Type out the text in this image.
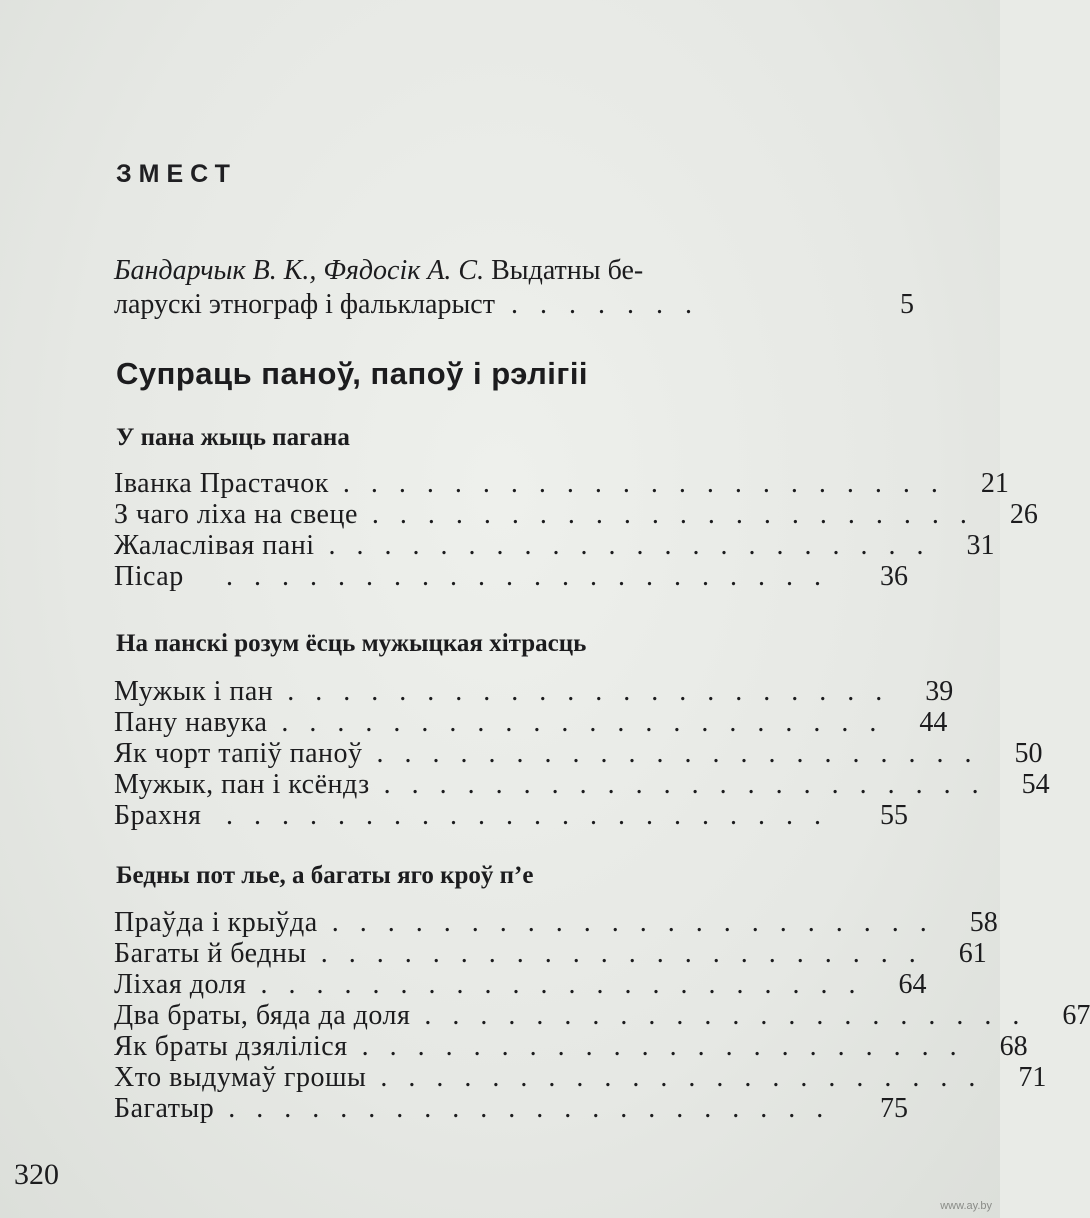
ЗМЕСТ
Бандарчык В. К., Фядосік А. С. Выдатны бе-
ларускі этнограф і фалькларыст .......	5
Супраць паноў, папоў і рэлігіі
У пана жыць пагана
Іванка Прастачок ...................... 21
З чаго ліха на свеце ...................... 26
Жаласлівая пані ...................... 31
Пісар	......................	36
На панскі розум ёсць мужыцкая хітрасць
Мужык і пан ...................... 39
Пану навука ...................... 44
Як чорт тапіў паноў ...................... 50
Мужык, пан і ксёндз ...................... 54
Брахня ......................	55
Бедны пот лье, а багаты яго кроў п’е
Праўда і крыўда ...................... 58
Багаты й бедны ...................... 61
Ліхая доля ...................... 64
Два браты, бяда да доля ...................... 67
Як браты дзяліліся ...................... 68
Хто выдумаў грошы ...................... 71
Багатыр ......................	75
320
www.ay.by
